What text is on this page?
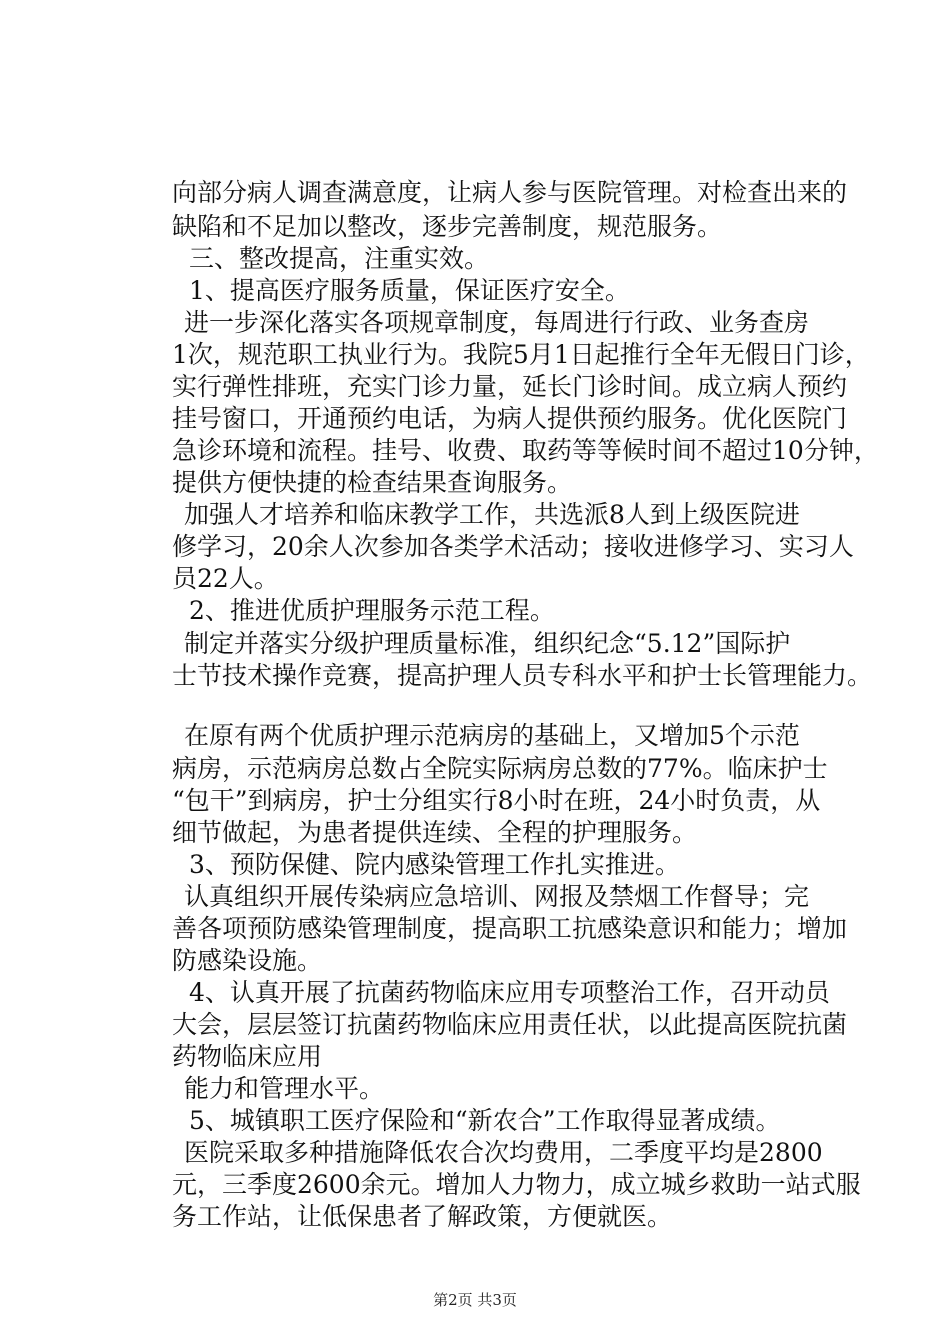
向部分病人调查满意度，让病人参与医院管理。对检查出来的
缺陷和不足加以整改，逐步完善制度，规范服务。
三、整改提高，注重实效。
1、提高医疗服务质量，保证医疗安全。
进一步深化落实各项规章制度，每周进行行政、业务查房
1次，规范职工执业行为。我院5月1日起推行全年无假日门诊，
实行弹性排班，充实门诊力量，延长门诊时间。成立病人预约
挂号窗口，开通预约电话，为病人提供预约服务。优化医院门
急诊环境和流程。挂号、收费、取药等等候时间不超过10分钟，
提供方便快捷的检查结果查询服务。
加强人才培养和临床教学工作，共选派8人到上级医院进
修学习，20余人次参加各类学术活动；接收进修学习、实习人
员22人。
2、推进优质护理服务示范工程。
制定并落实分级护理质量标准，组织纪念“5.12”国际护
士节技术操作竞赛，提高护理人员专科水平和护士长管理能力。
在原有两个优质护理示范病房的基础上，又增加5个示范
病房，示范病房总数占全院实际病房总数的77%。临床护士
“包干”到病房，护士分组实行8小时在班，24小时负责，从
细节做起，为患者提供连续、全程的护理服务。
3、预防保健、院内感染管理工作扎实推进。
认真组织开展传染病应急培训、网报及禁烟工作督导；完
善各项预防感染管理制度，提高职工抗感染意识和能力；增加
防感染设施。
4、认真开展了抗菌药物临床应用专项整治工作，召开动员
大会，层层签订抗菌药物临床应用责任状，以此提高医院抗菌
药物临床应用
能力和管理水平。
5、城镇职工医疗保险和“新农合”工作取得显著成绩。
医院采取多种措施降低农合次均费用，二季度平均是2800
元，三季度2600余元。增加人力物力，成立城乡救助一站式服
务工作站，让低保患者了解政策，方便就医。
第2页 共3页
